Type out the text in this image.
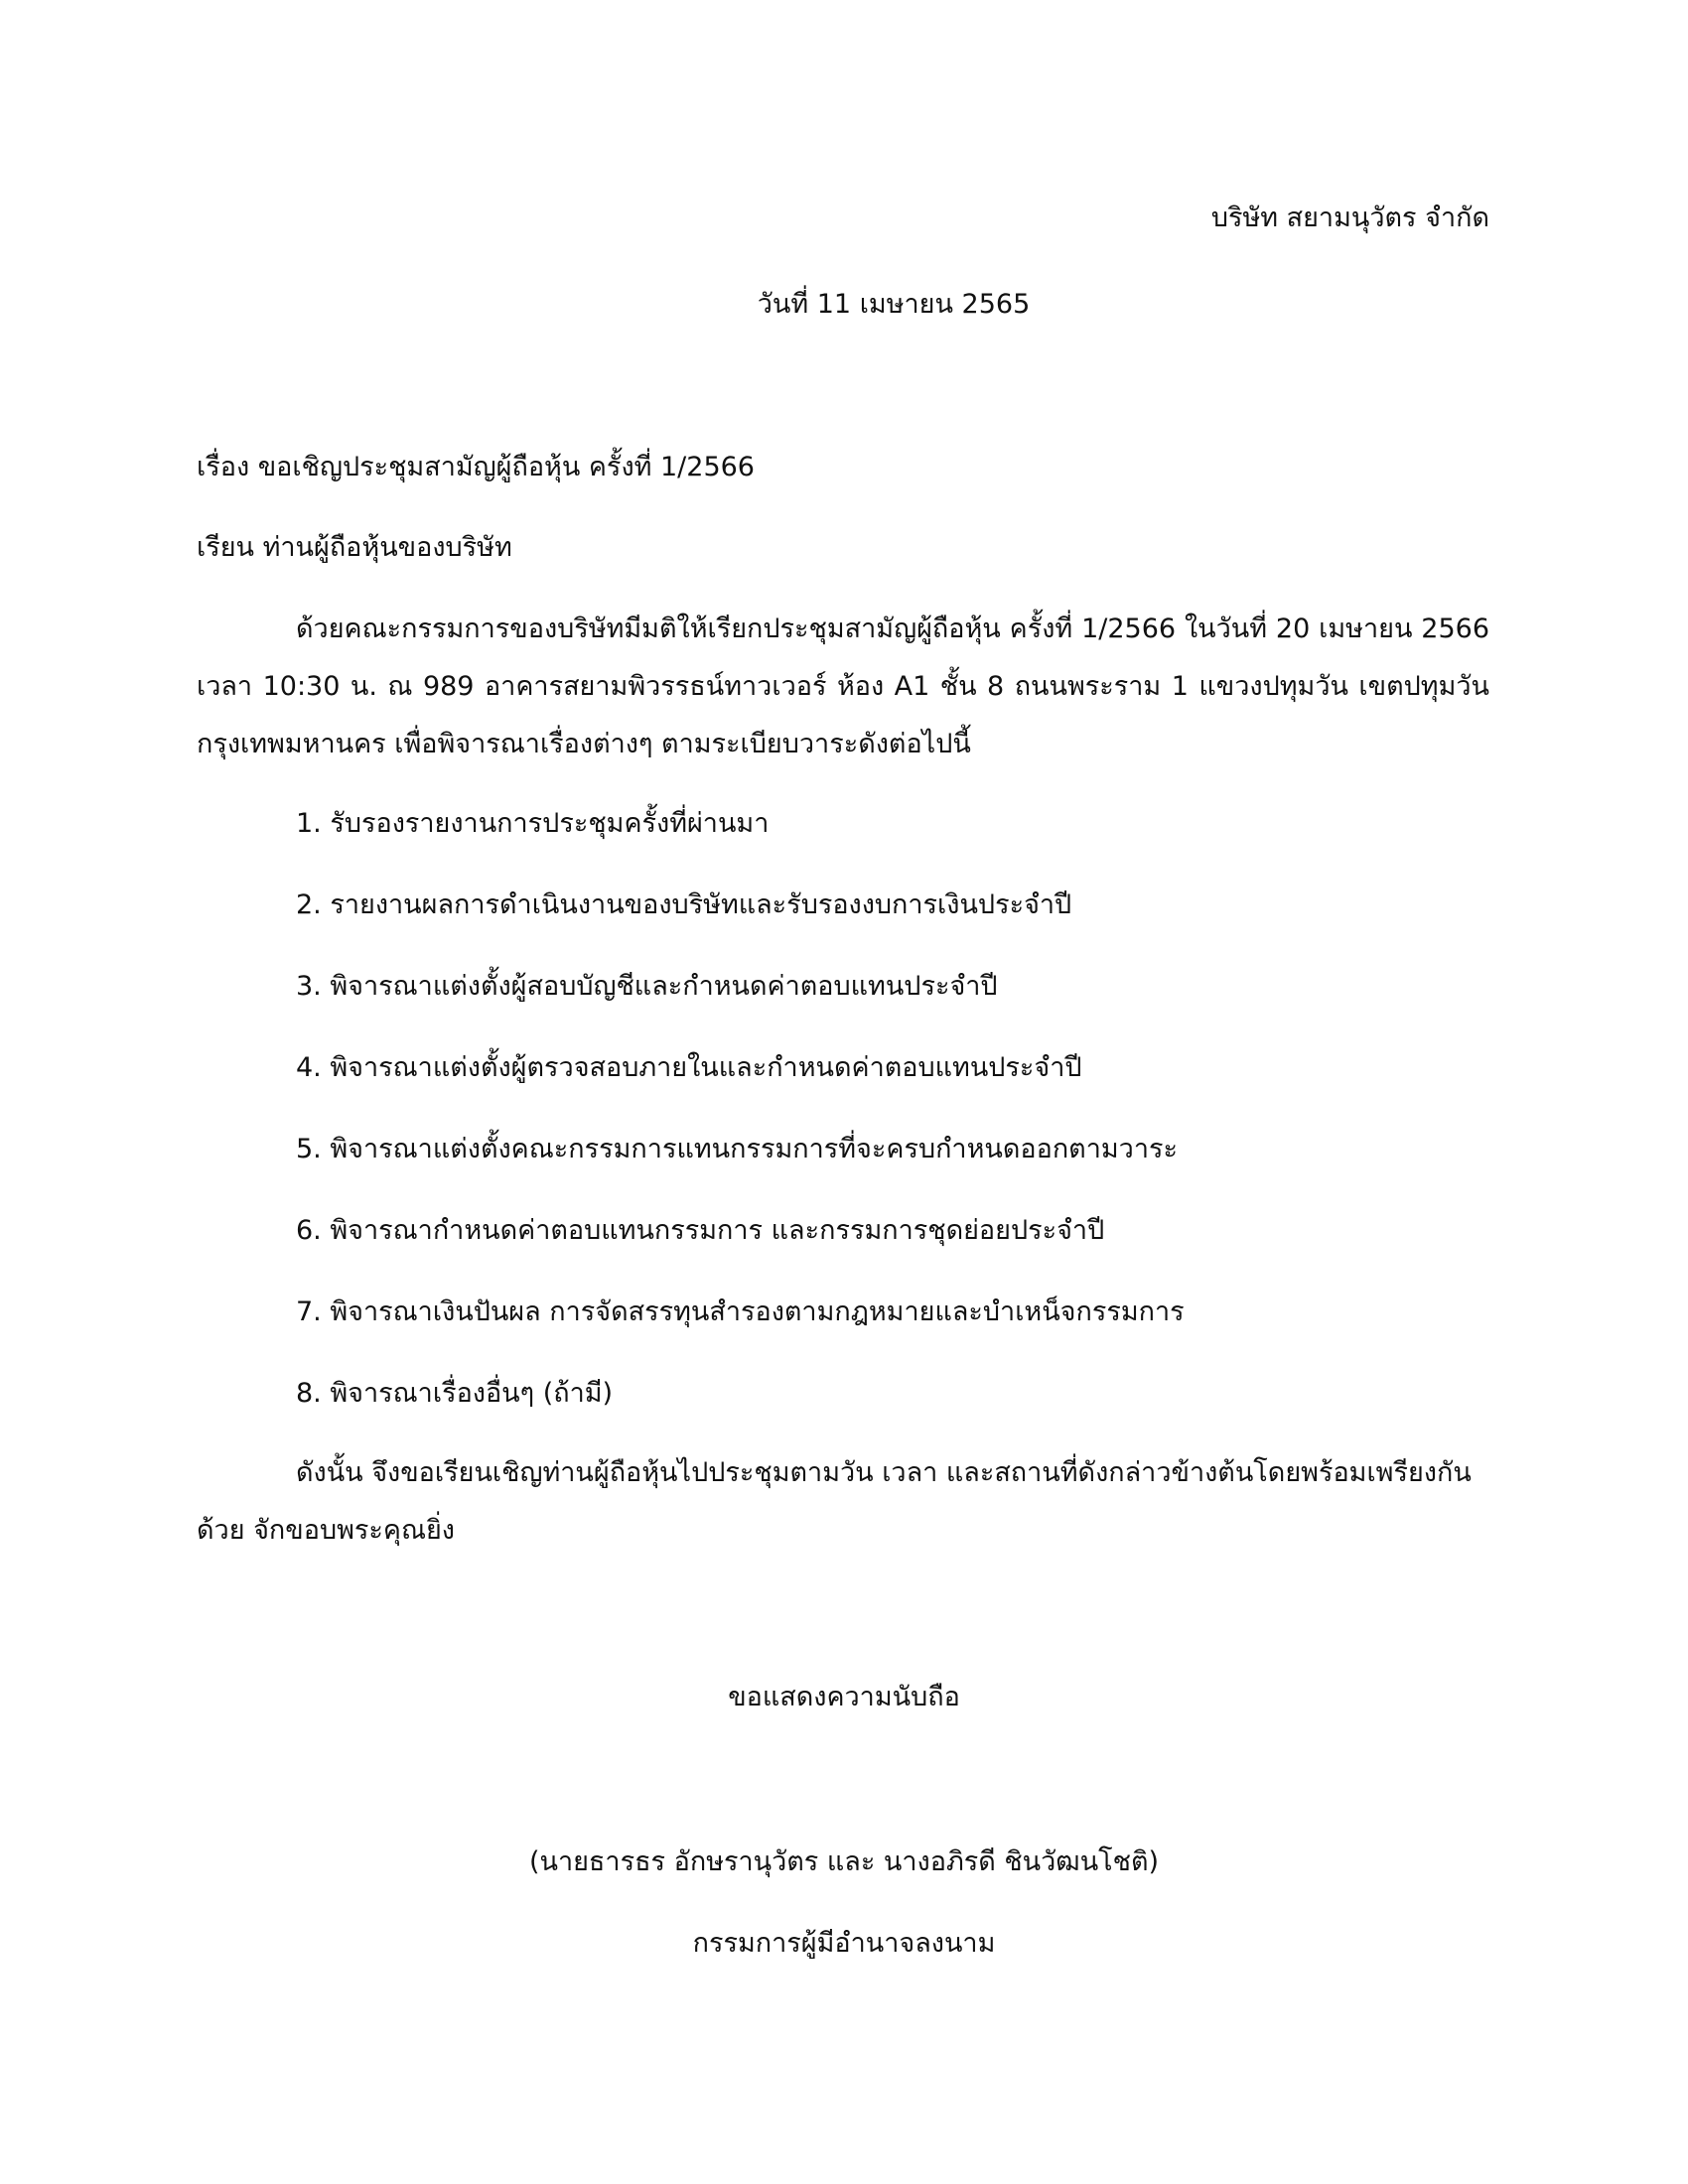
บริษัท สยามนุวัตร จำกัด
วันที่ 11 เมษายน 2565
เรื่อง ขอเชิญประชุมสามัญผู้ถือหุ้น ครั้งที่ 1/2566
เรียน ท่านผู้ถือหุ้นของบริษัท
ด้วยคณะกรรมการของบริษัทมีมติให้เรียกประชุมสามัญผู้ถือหุ้น ครั้งที่ 1/2566 ในวันที่ 20 เมษายน 2566 เวลา 10:30 น. ณ 989 อาคารสยามพิวรรธน์ทาวเวอร์ ห้อง A1 ชั้น 8 ถนนพระราม 1 แขวงปทุมวัน เขตปทุมวัน กรุงเทพมหานคร เพื่อพิจารณาเรื่องต่างๆ ตามระเบียบวาระดังต่อไปนี้
1. รับรองรายงานการประชุมครั้งที่ผ่านมา
2. รายงานผลการดำเนินงานของบริษัทและรับรองงบการเงินประจำปี
3. พิจารณาแต่งตั้งผู้สอบบัญชีและกำหนดค่าตอบแทนประจำปี
4. พิจารณาแต่งตั้งผู้ตรวจสอบภายในและกำหนดค่าตอบแทนประจำปี
5. พิจารณาแต่งตั้งคณะกรรมการแทนกรรมการที่จะครบกำหนดออกตามวาระ
6. พิจารณากำหนดค่าตอบแทนกรรมการ และกรรมการชุดย่อยประจำปี
7. พิจารณาเงินปันผล การจัดสรรทุนสำรองตามกฎหมายและบำเหน็จกรรมการ
8. พิจารณาเรื่องอื่นๆ (ถ้ามี)
ดังนั้น จึงขอเรียนเชิญท่านผู้ถือหุ้นไปประชุมตามวัน เวลา และสถานที่ดังกล่าวข้างต้นโดยพร้อมเพรียงกันด้วย จักขอบพระคุณยิ่ง
ขอแสดงความนับถือ
(นายธารธร อักษรานุวัตร และ นางอภิรดี ชินวัฒนโชติ)
กรรมการผู้มีอำนาจลงนาม
